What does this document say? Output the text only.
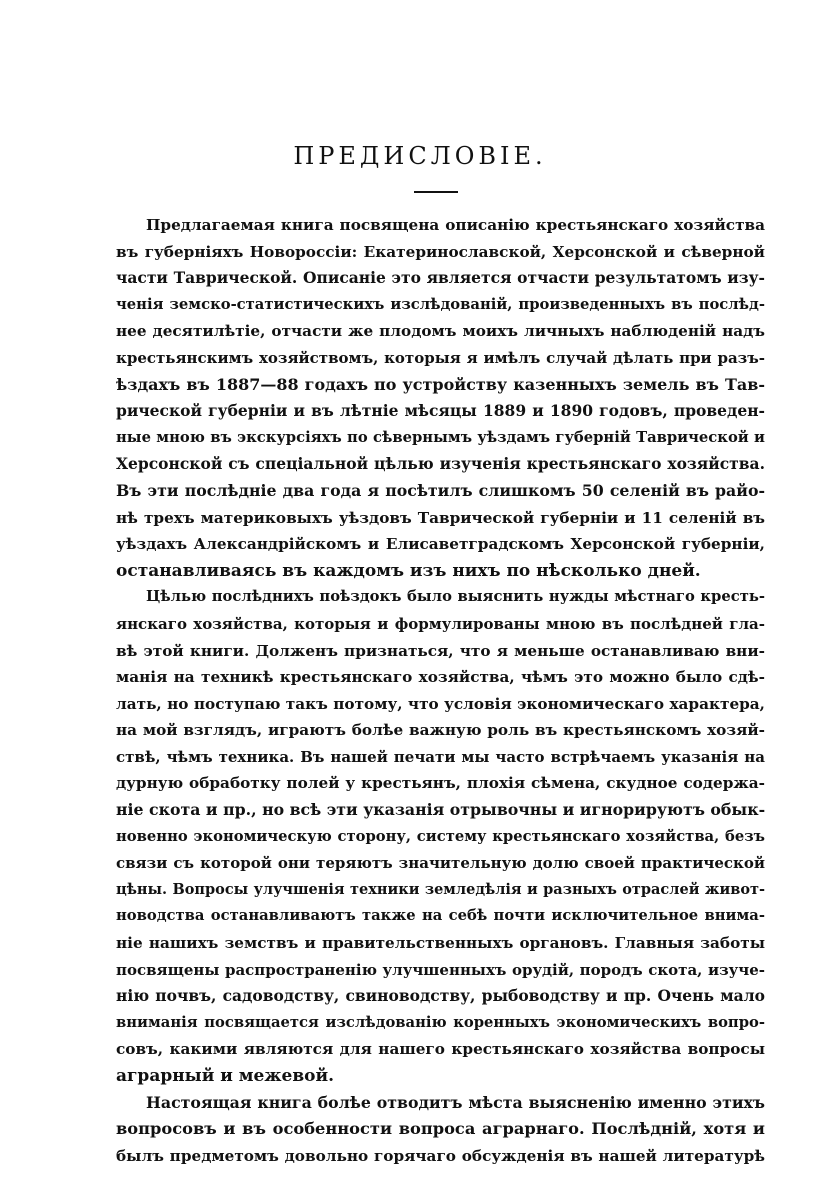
ПРЕДИСЛОВІЕ.
Предлагаемая книга посвящена описанію крестьянскаго хозяйства
въ губерніяхъ Новороссіи: Екатеринославской, Херсонской и сѣверной
части Таврической. Описаніе это является отчасти результатомъ изу-
ченія земско-статистическихъ изслѣдованій, произведенныхъ въ послѣд-
нее десятилѣтіе, отчасти же плодомъ моихъ личныхъ наблюденій надъ
крестьянскимъ хозяйствомъ, которыя я имѣлъ случай дѣлать при разъ-
ѣздахъ въ 1887—88 годахъ по устройству казенныхъ земель въ Тав-
рической губерніи и въ лѣтніе мѣсяцы 1889 и 1890 годовъ, проведен-
ные мною въ экскурсіяхъ по сѣвернымъ уѣздамъ губерній Таврической и
Херсонской съ спеціальной цѣлью изученія крестьянскаго хозяйства.
Въ эти послѣдніе два года я посѣтилъ слишкомъ 50 селеній въ райо-
нѣ трехъ материковыхъ уѣздовъ Таврической губерніи и 11 селеній въ
уѣздахъ Александрійскомъ и Елисаветградскомъ Херсонской губерніи,
останавливаясь въ каждомъ изъ нихъ по нѣсколько дней.
Цѣлью послѣднихъ поѣздокъ было выяснить нужды мѣстнаго кресть-
янскаго хозяйства, которыя и формулированы мною въ послѣдней гла-
вѣ этой книги. Долженъ признаться, что я меньше останавливаю вни-
манія на техникѣ крестьянскаго хозяйства, чѣмъ это можно было сдѣ-
лать, но поступаю такъ потому, что условія экономическаго характера,
на мой взглядъ, играютъ болѣе важную роль въ крестьянскомъ хозяй-
ствѣ, чѣмъ техника. Въ нашей печати мы часто встрѣчаемъ указанія на
дурную обработку полей у крестьянъ, плохія сѣмена, скудное содержа-
ніе скота и пр., но всѣ эти указанія отрывочны и игнорируютъ обык-
новенно экономическую сторону, систему крестьянскаго хозяйства, безъ
связи съ которой они теряютъ значительную долю своей практической
цѣны. Вопросы улучшенія техники земледѣлія и разныхъ отраслей живот-
новодства останавливаютъ также на себѣ почти исключительное внима-
ніе нашихъ земствъ и правительственныхъ органовъ. Главныя заботы
посвящены распространенію улучшенныхъ орудій, породъ скота, изуче-
нію почвъ, садоводству, свиноводству, рыбоводству и пр. Очень мало
вниманія посвящается изслѣдованію коренныхъ экономическихъ вопро-
совъ, какими являются для нашего крестьянскаго хозяйства вопросы
аграрный и межевой.
Настоящая книга болѣе отводитъ мѣста выясненію именно этихъ
вопросовъ и въ особенности вопроса аграрнаго. Послѣдній, хотя и
былъ предметомъ довольно горячаго обсужденія въ нашей литературѣ
